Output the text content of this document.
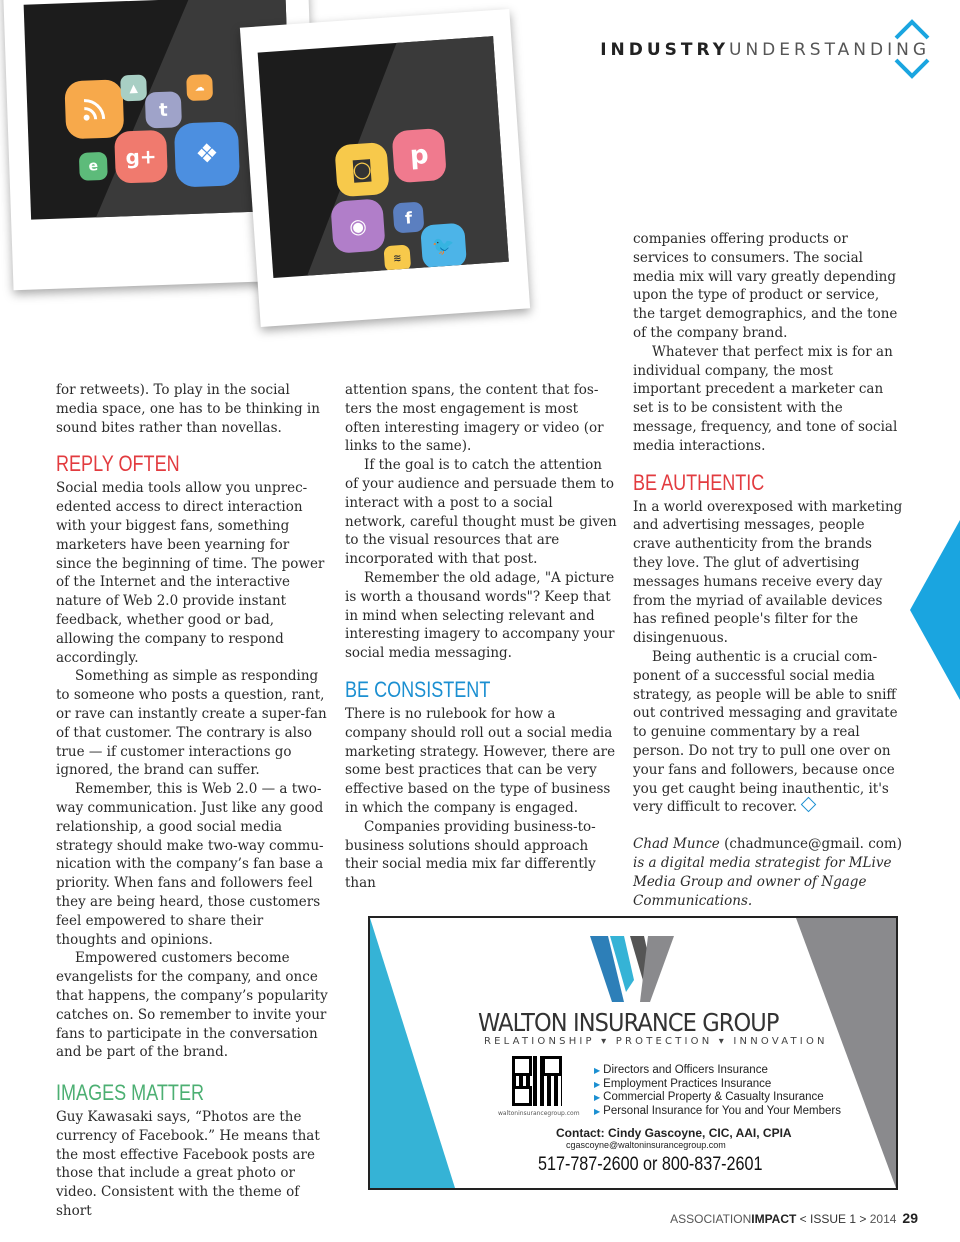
INDUSTRY UNDERSTANDING
▲
t
☁
e	g+	❖	◙	p
◉	f
🐦
≋

for retweets). To play in the social media space, one has to be thinking in sound bites rather than novellas.

REPLY OFTEN

Social media tools allow you unprecedented access to direct interaction with your biggest fans, something marketers have been yearning for since the beginning of time. The power of the Internet and the interactive nature of Web 2.0 provide instant feedback, whether good or bad, allowing the company to respond accordingly.

Something as simple as responding to someone who posts a question, rant, or rave can instantly create a super-fan of that customer. The contrary is also true — if customer interactions go ignored, the brand can suffer.

Remember, this is Web 2.0 — a two-way communication. Just like any good relationship, a good social media strategy should make two-way communication with the company’s fan base a priority. When fans and followers feel they are being heard, those customers feel empowered to share their thoughts and opinions.

Empowered customers become evangelists for the company, and once that happens, the company’s popularity catches on. So remember to invite your fans to participate in the conversation and be part of the brand.

IMAGES MATTER

Guy Kawasaki says, “Photos are the currency of Facebook.” He means that the most effective Facebook posts are those that include a great photo or video. Consistent with the theme of short

attention spans, the content that fosters the most engagement is most often interesting imagery or video (or links to the same).

If the goal is to catch the attention of your audience and persuade them to interact with a post to a social network, careful thought must be given to the visual resources that are incorporated with that post.

Remember the old adage, "A picture is worth a thousand words"? Keep that in mind when selecting relevant and interesting imagery to accompany your social media messaging.

BE CONSISTENT

There is no rulebook for how a company should roll out a social media marketing strategy. However, there are some best practices that can be very effective based on the type of business in which the company is engaged.

Companies providing business-to-business solutions should approach their social media mix far differently than

companies offering products or services to consumers. The social media mix will vary greatly depending upon the type of product or service, the target demographics, and the tone of the company brand.

Whatever that perfect mix is for an individual company, the most important precedent a marketer can set is to be consistent with the message, frequency, and tone of social media interactions.

BE AUTHENTIC

In a world overexposed with marketing and advertising messages, people crave authenticity from the brands they love. The glut of advertising messages humans receive every day from the myriad of available devices has refined people's filter for the disingenuous.

Being authentic is a crucial component of a successful social media strategy, as people will be able to sniff out contrived messaging and gravitate to genuine commentary by a real person. Do not try to pull one over on your fans and followers, because once you get caught being inauthentic, it's very difficult to recover.

Chad Munce (chadmunce@gmail. com) is a digital media strategist for MLive Media Group and owner of Ngage Communications.

WALTON INSURANCE GROUP
RELATIONSHIP ▾ PROTECTION ▾ INNOVATION
waltoninsurancegroup.com
▶ Directors and Officers Insurance
▶ Employment Practices Insurance
▶ Commercial Property & Casualty Insurance
▶ Personal Insurance for You and Your Members
Contact: Cindy Gascoyne, CIC, AAI, CPIA
cgascoyne@waltoninsurancegroup.com
517-787-2600 or 800-837-2601
ASSOCIATIONIMPACT < ISSUE 1 > 2014 29
